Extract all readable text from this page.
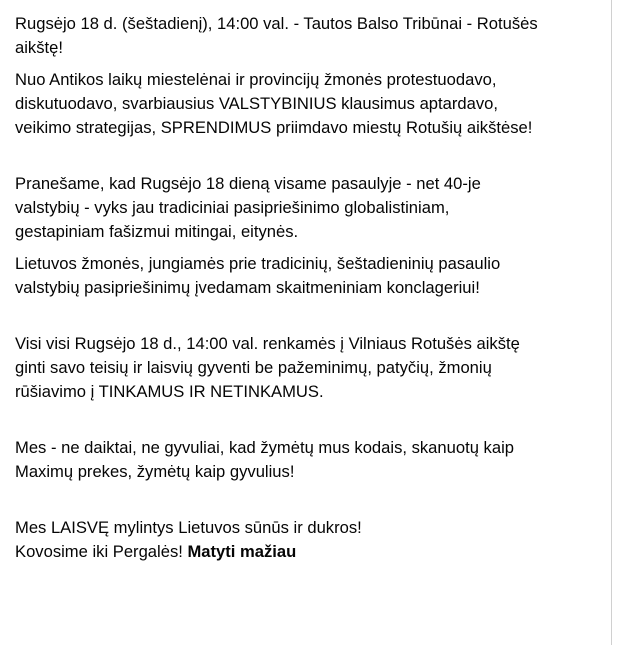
Rugsėjo 18 d. (šeštadienį), 14:00 val. - Tautos Balso Tribūnai - Rotušės
aikštę!

Nuo Antikos laikų miestelėnai ir provincijų žmonės protestuodavo,
diskutuodavo, svarbiausius VALSTYBINIUS klausimus aptardavo,
veikimo strategijas, SPRENDIMUS priimdavo miestų Rotušių aikštėse!

Pranešame, kad Rugsėjo 18 dieną visame pasaulyje - net 40-je
valstybių - vyks jau tradiciniai pasipriešinimo globalistiniam,
gestapiniam fašizmui mitingai, eitynės.

Lietuvos žmonės, jungiamės prie tradicinių, šeštadieninių pasaulio
valstybių pasipriešinimų įvedamam skaitmeniniam konclageriui!

Visi visi Rugsėjo 18 d., 14:00 val. renkamės į Vilniaus Rotušės aikštę
ginti savo teisių ir laisvių gyventi be pažeminimų, patyčių, žmonių
rūšiavimo į TINKAMUS IR NETINKAMUS.

Mes - ne daiktai, ne gyvuliai, kad žymėtų mus kodais, skanuotų kaip
Maximų prekes, žymėtų kaip gyvulius!

Mes LAISVĘ mylintys Lietuvos sūnūs ir dukros!
Kovosime iki Pergalės! Matyti mažiau
